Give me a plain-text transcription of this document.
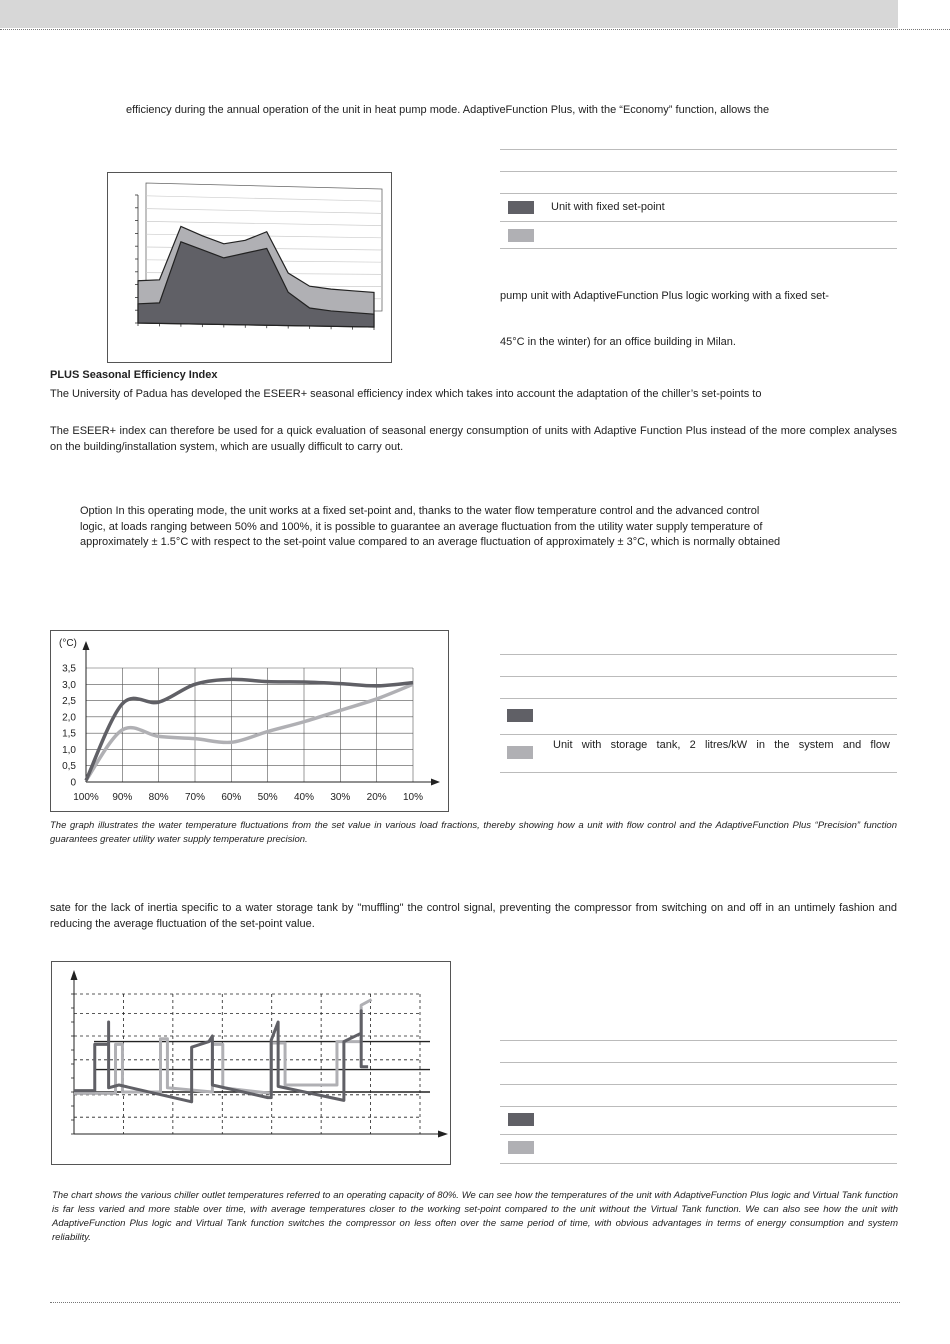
efficiency during the annual operation of the unit in heat pump mode. AdaptiveFunction Plus, with the “Economy” function, allows the

Unit with fixed set-point

pump unit with AdaptiveFunction Plus logic working with a fixed set-

45°C in the winter) for an office building in Milan.

PLUS Seasonal Efficiency Index

The University of Padua has developed the ESEER+ seasonal efficiency index which takes into account the adaptation of the chiller’s set-points to

The ESEER+ index can therefore be used for a quick evaluation of seasonal energy consumption of units with Adaptive Function Plus instead of the more complex analyses on the building/installation system, which are usually difficult to carry out.

Option In this operating mode, the unit works at a fixed set-point and, thanks to the water flow temperature control and the advanced control
logic, at loads ranging between 50% and 100%, it is possible to guarantee an average fluctuation from the utility water supply temperature of
approximately ± 1.5°C with respect to the set-point value compared to an average fluctuation of approximately ± 3°C, which is normally obtained
0
0,5
1,0
1,5
2,0
2,5
3,0
3,5
100% 90% 80% 70% 60% 50% 40% 30% 20% 10%
(°C)
Unit with storage tank, 2 litres/kW in the system and flow

The graph illustrates the water temperature fluctuations from the set value in various load fractions, thereby showing how a unit with flow control and the AdaptiveFunction Plus “Precision” function guarantees greater utility water supply temperature precision.

sate for the lack of inertia specific to a water storage tank by "muffling" the control signal, preventing the compressor from switching on and off in an untimely fashion and reducing the average fluctuation of the set-point value.

The chart shows the various chiller outlet temperatures referred to an operating capacity of 80%. We can see how the temperatures of the unit with AdaptiveFunction Plus logic and Virtual Tank function is far less varied and more stable over time, with average temperatures closer to the working set-point compared to the unit without the Virtual Tank function. We can also see how the unit with AdaptiveFunction Plus logic and Virtual Tank function switches the compressor on less often over the same period of time, with obvious advantages in terms of energy consumption and system reliability.
